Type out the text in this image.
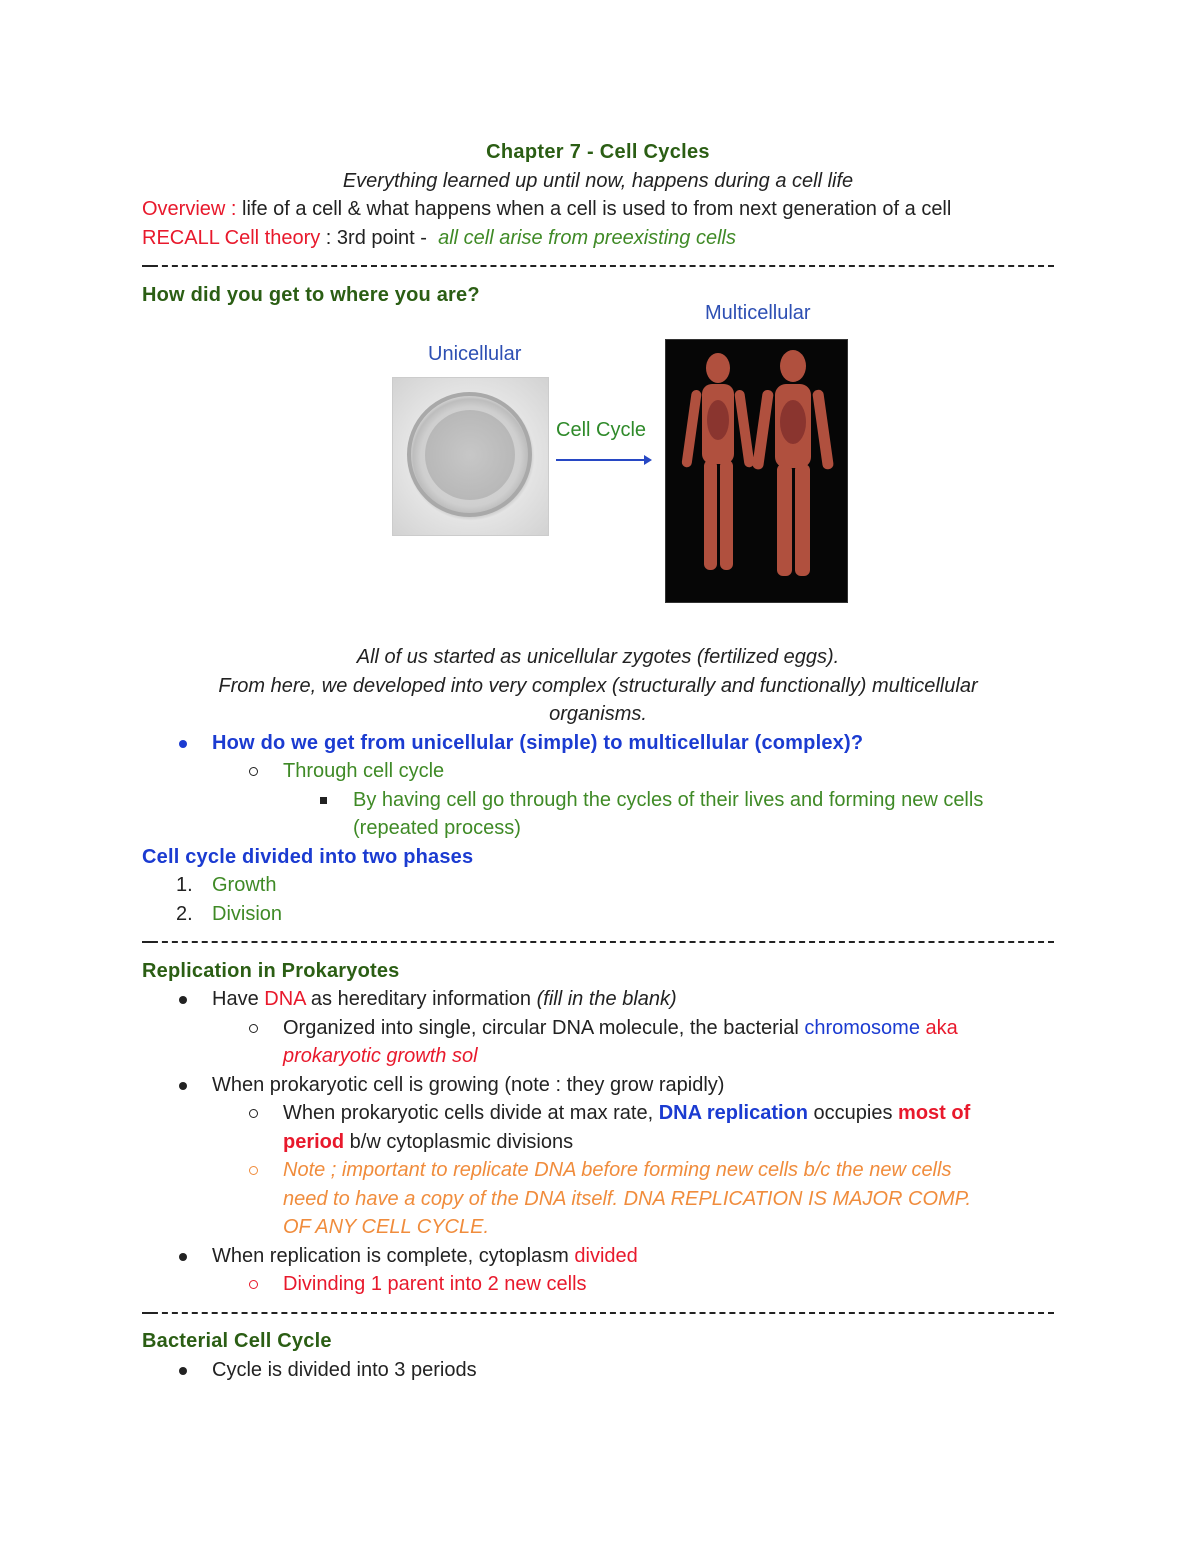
Chapter 7 - Cell Cycles
Everything learned up until now, happens during a cell life
Overview : life of a cell & what happens when a cell is used to from next generation of a cell
RECALL Cell theory : 3rd point -  all cell arise from preexisting cells
How did you get to where you are?
Unicellular
Cell Cycle
Multicellular
All of us started as unicellular zygotes (fertilized eggs).
From here, we developed into very complex (structurally and functionally) multicellular
organisms.
How do we get from unicellular (simple) to multicellular (complex)?
Through cell cycle
By having cell go through the cycles of their lives and forming new cells
(repeated process)
Cell cycle divided into two phases
1. Growth
2. Division
Replication in Prokaryotes
Have DNA as hereditary information (fill in the blank)
Organized into single, circular DNA molecule, the bacterial chromosome aka
prokaryotic growth sol
When prokaryotic cell is growing (note : they grow rapidly)
When prokaryotic cells divide at max rate, DNA replication occupies most of
period b/w cytoplasmic divisions
Note ; important to replicate DNA before forming new cells b/c the new cells
need to have a copy of the DNA itself. DNA REPLICATION IS MAJOR COMP.
OF ANY CELL CYCLE.
When replication is complete, cytoplasm divided
Divinding 1 parent into 2 new cells
Bacterial Cell Cycle
Cycle is divided into 3 periods
